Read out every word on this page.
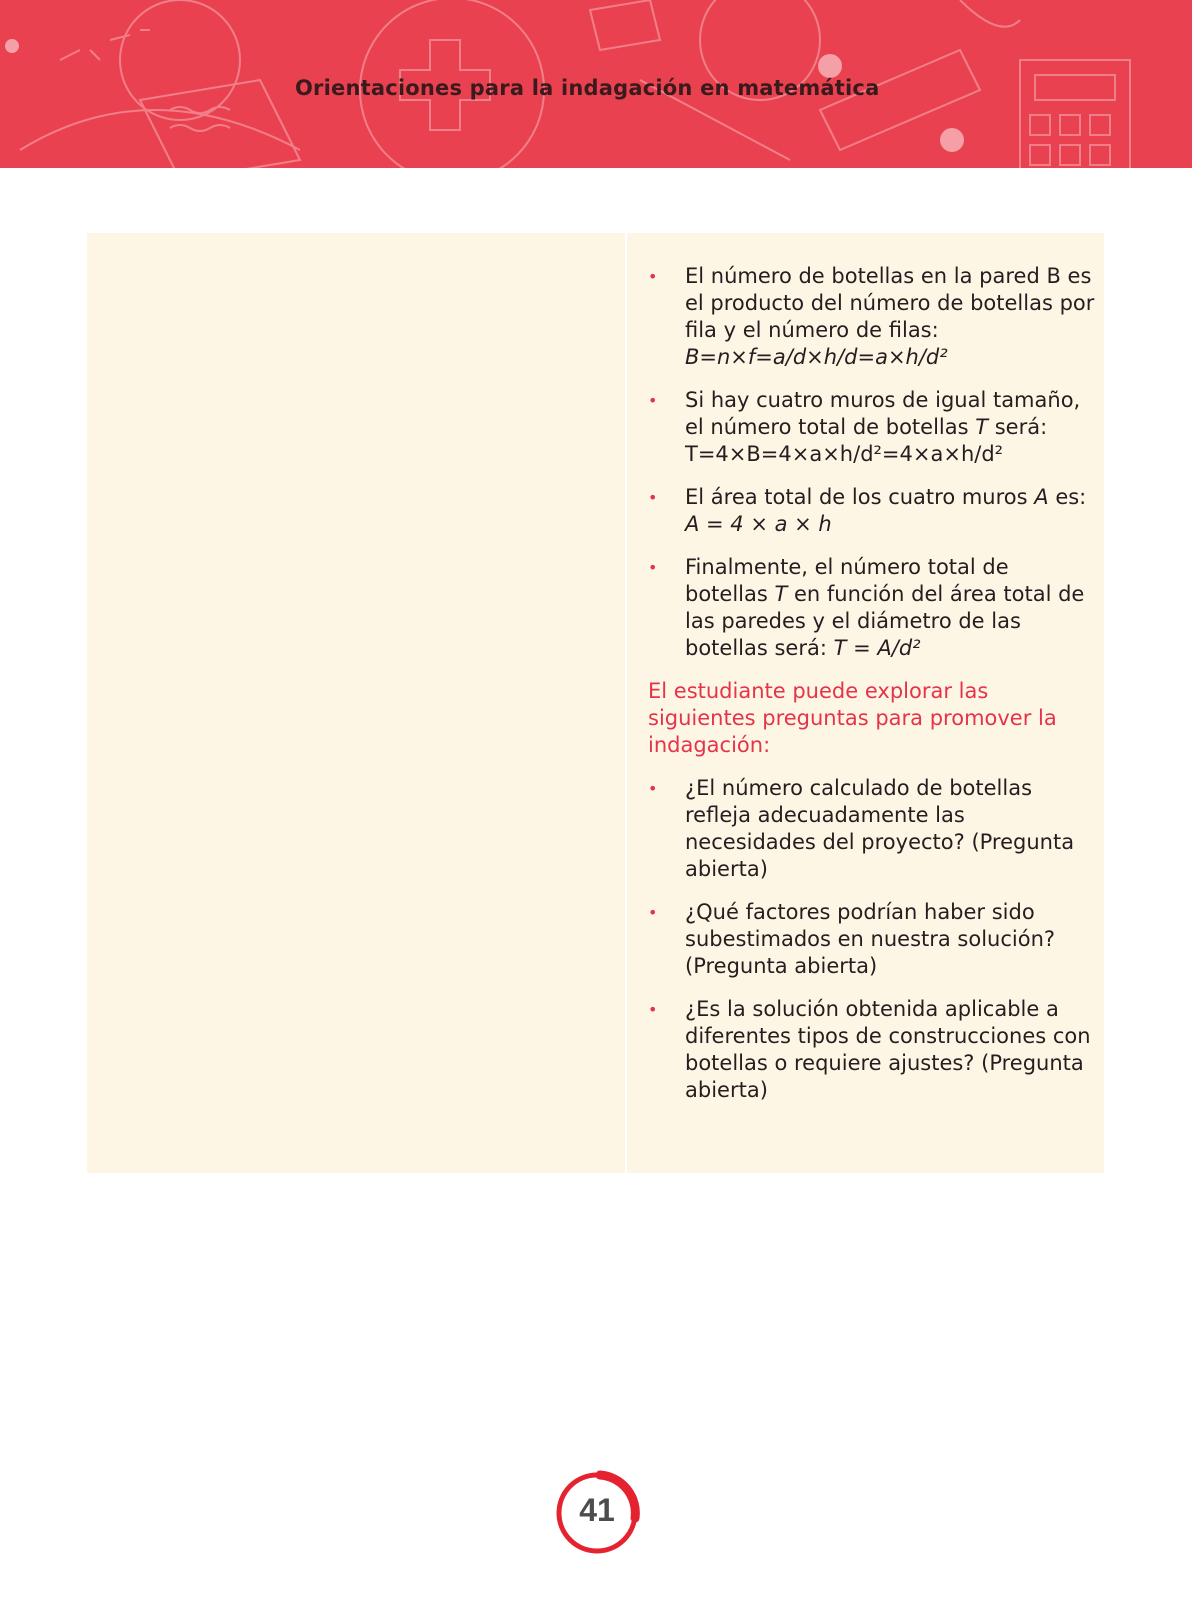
Orientaciones para la indagación en matemática
• El número de botellas en la pared B es el producto del número de botellas por fila y el número de filas: B=n×f=a/d×h/d=a×h/d²
• Si hay cuatro muros de igual tamaño, el número total de botellas T será: T=4×B=4×a×h/d²=4×a×h/d²
• El área total de los cuatro muros A es: A = 4 × a × h
• Finalmente, el número total de botellas T en función del área total de las paredes y el diámetro de las botellas será: T = A/d²

El estudiante puede explorar las siguientes preguntas para promover la indagación:

• ¿El número calculado de botellas refleja adecuadamente las necesidades del proyecto? (Pregunta abierta)
• ¿Qué factores podrían haber sido subestimados en nuestra solución? (Pregunta abierta)
• ¿Es la solución obtenida aplicable a diferentes tipos de construcciones con botellas o requiere ajustes? (Pregunta abierta)
41
